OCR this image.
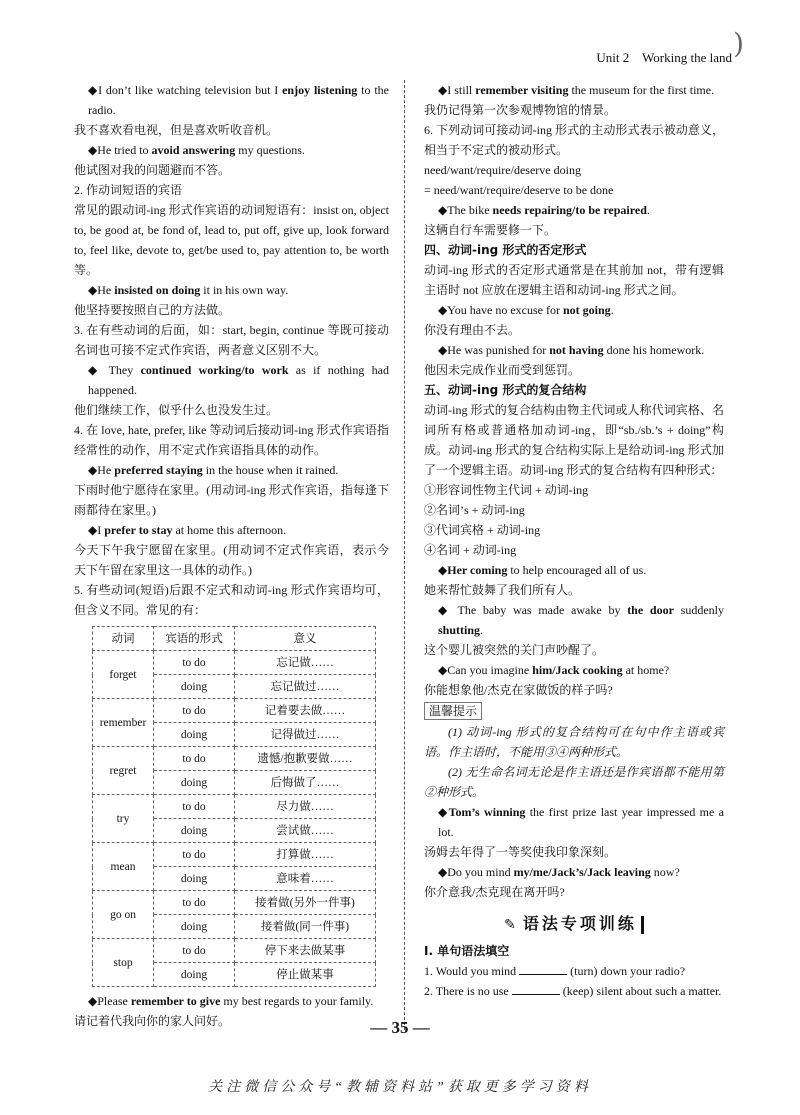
Unit 2 Working the land )

◆I don’t like watching television but I enjoy listening to the radio.

我不喜欢看电视，但是喜欢听收音机。

◆He tried to avoid answering my questions.

他试图对我的问题避而不答。

2. 作动词短语的宾语

常见的跟动词-ing 形式作宾语的动词短语有：insist on, object to, be good at, be fond of, lead to, put off, give up, look forward to, feel like, devote to, get/be used to, pay attention to, be worth 等。

◆He insisted on doing it in his own way.

他坚持要按照自己的方法做。

3. 在有些动词的后面，如：start, begin, continue 等既可接动名词也可接不定式作宾语，两者意义区别不大。

◆ They continued working/to work as if nothing had happened.

他们继续工作，似乎什么也没发生过。

4. 在 love, hate, prefer, like 等动词后接动词-ing 形式作宾语指经常性的动作，用不定式作宾语指具体的动作。

◆He preferred staying in the house when it rained.

下雨时他宁愿待在家里。(用动词-ing 形式作宾语，指每逢下雨都待在家里。)

◆I prefer to stay at home this afternoon.

今天下午我宁愿留在家里。(用动词不定式作宾语，表示今天下午留在家里这一具体的动作。)

5. 有些动词(短语)后跟不定式和动词-ing 形式作宾语均可，但含义不同。常见的有：

动词	宾语的形式	意义
forget	to do	忘记做……
	doing	忘记做过……
remember	to do	记着要去做……
	doing	记得做过……
regret	to do	遗憾/抱歉要做……
	doing	后悔做了……
try	to do	尽力做……
	doing	尝试做……
mean	to do	打算做……
	doing	意味着……
go on	to do	接着做(另外一件事)
	doing	接着做(同一件事)
stop	to do	停下来去做某事
	doing	停止做某事

◆Please remember to give my best regards to your family.

请记着代我向你的家人问好。

◆I still remember visiting the museum for the first time.

我仍记得第一次参观博物馆的情景。

6. 下列动词可接动词-ing 形式的主动形式表示被动意义，相当于不定式的被动形式。

need/want/require/deserve doing

= need/want/require/deserve to be done

◆The bike needs repairing/to be repaired.

这辆自行车需要修一下。

四、动词-ing 形式的否定形式

动词-ing 形式的否定形式通常是在其前加 not，带有逻辑主语时 not 应放在逻辑主语和动词-ing 形式之间。

◆You have no excuse for not going.

你没有理由不去。

◆He was punished for not having done his homework.

他因未完成作业而受到惩罚。

五、动词-ing 形式的复合结构

动词-ing 形式的复合结构由物主代词或人称代词宾格、名词所有格或普通格加动词-ing，即“sb./sb.’s + doing”构成。动词-ing 形式的复合结构实际上是给动词-ing 形式加了一个逻辑主语。动词-ing 形式的复合结构有四种形式：

①形容词性物主代词 + 动词-ing

②名词’s + 动词-ing

③代词宾格 + 动词-ing

④名词 + 动词-ing

◆Her coming to help encouraged all of us.

她来帮忙鼓舞了我们所有人。

◆ The baby was made awake by the door suddenly shutting.

这个婴儿被突然的关门声吵醒了。

◆Can you imagine him/Jack cooking at home?

你能想象他/杰克在家做饭的样子吗?

温馨提示

(1) 动词-ing 形式的复合结构可在句中作主语或宾语。作主语时，不能用③④两种形式。

(2) 无生命名词无论是作主语还是作宾语都不能用第②种形式。

◆Tom’s winning the first prize last year impressed me a lot.

汤姆去年得了一等奖使我印象深刻。

◆Do you mind my/me/Jack’s/Jack leaving now?

你介意我/杰克现在离开吗?

✎ 语法专项训练

Ⅰ. 单句语法填空

1. Would you mind	(turn) down your radio?

2. There is no use	(keep) silent about such a matter.

— 35 —
关注微信公众号“教辅资料站”获取更多学习资料
